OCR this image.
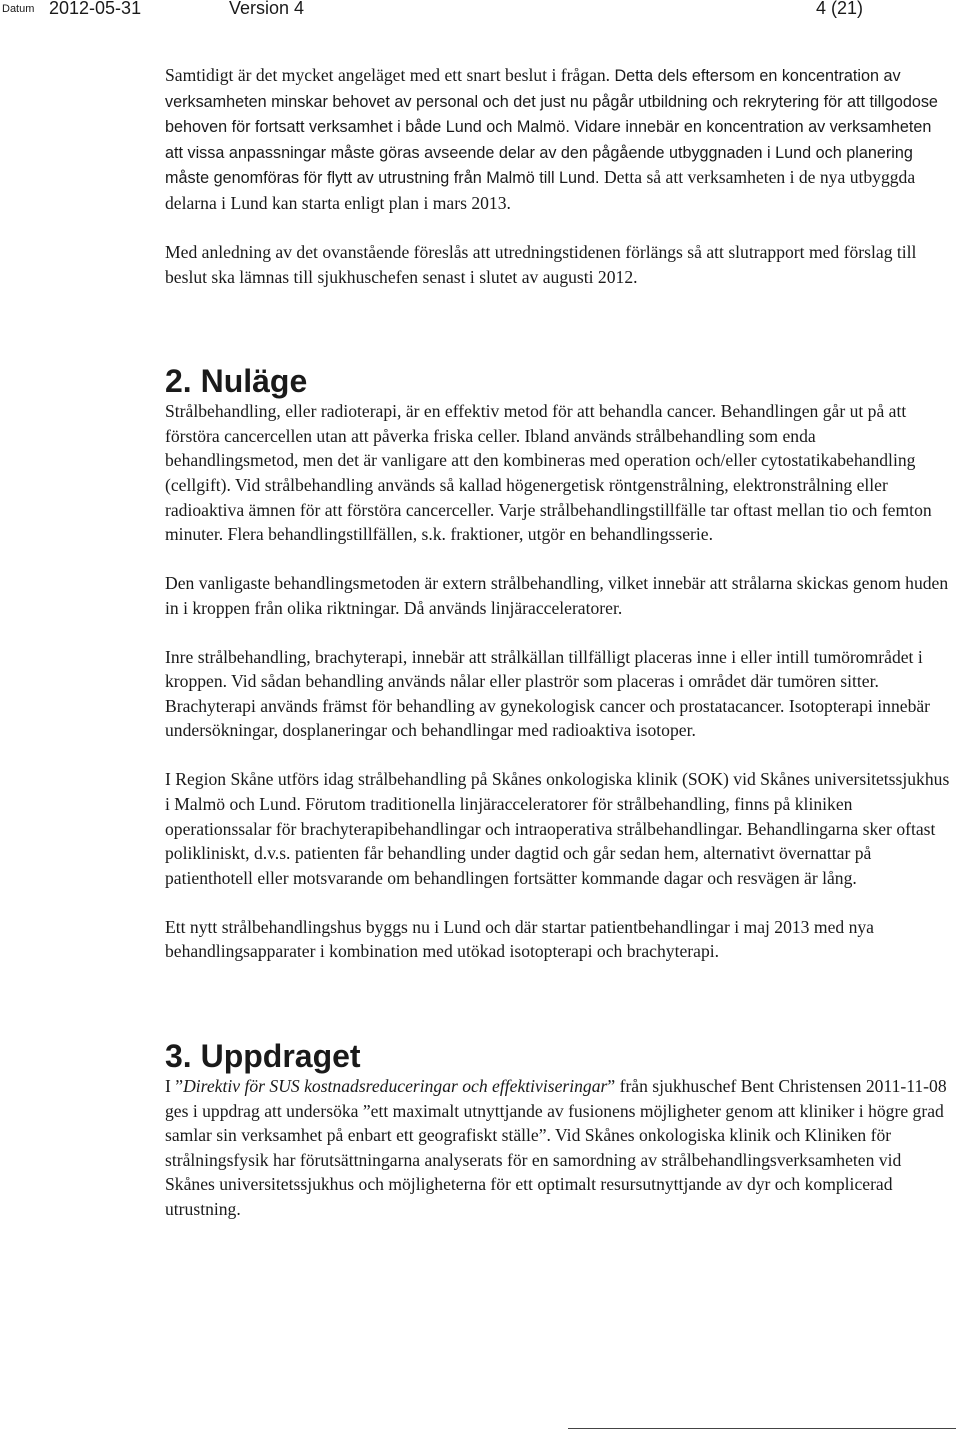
Datum 2012-05-31	Version 4	4 (21)

Samtidigt är det mycket angeläget med ett snart beslut i frågan. Detta dels eftersom en koncentration av verksamheten minskar behovet av personal och det just nu pågår utbildning och rekrytering för att tillgodose behoven för fortsatt verksamhet i både Lund och Malmö. Vidare innebär en koncentration av verksamheten att vissa anpassningar måste göras avseende delar av den pågående utbyggnaden i Lund och planering måste genomföras för flytt av utrustning från Malmö till Lund. Detta så att verksamheten i de nya utbyggda delarna i Lund kan starta enligt plan i mars 2013.

Med anledning av det ovanstående föreslås att utredningstidenen förlängs så att slutrapport med förslag till beslut ska lämnas till sjukhuschefen senast i slutet av augusti 2012.

2. Nuläge

Strålbehandling, eller radioterapi, är en effektiv metod för att behandla cancer. Behandlingen går ut på att förstöra cancercellen utan att påverka friska celler. Ibland används strålbehandling som enda behandlingsmetod, men det är vanligare att den kombineras med operation och/eller cytostatikabehandling (cellgift). Vid strålbehandling används så kallad högenergetisk röntgenstrålning, elektronstrålning eller radioaktiva ämnen för att förstöra cancerceller. Varje strålbehandlingstillfälle tar oftast mellan tio och femton minuter. Flera behandlingstillfällen, s.k. fraktioner, utgör en behandlingsserie.

Den vanligaste behandlingsmetoden är extern strålbehandling, vilket innebär att strålarna skickas genom huden in i kroppen från olika riktningar. Då används linjäracceleratorer.

Inre strålbehandling, brachyterapi, innebär att strålkällan tillfälligt placeras inne i eller intill tumörområdet i kroppen. Vid sådan behandling används nålar eller plaströr som placeras i området där tumören sitter. Brachyterapi används främst för behandling av gynekologisk cancer och prostatacancer. Isotopterapi innebär undersökningar, dosplaneringar och behandlingar med radioaktiva isotoper.

I Region Skåne utförs idag strålbehandling på Skånes onkologiska klinik (SOK) vid Skånes universitetssjukhus i Malmö och Lund. Förutom traditionella linjäracceleratorer för strålbehandling, finns på kliniken operationssalar för brachyterapibehandlingar och intraoperativa strålbehandlingar. Behandlingarna sker oftast polikliniskt, d.v.s. patienten får behandling under dagtid och går sedan hem, alternativt övernattar på patienthotell eller motsvarande om behandlingen fortsätter kommande dagar och resvägen är lång.

Ett nytt strålbehandlingshus byggs nu i Lund och där startar patientbehandlingar i maj 2013 med nya behandlingsapparater i kombination med utökad isotopterapi och brachyterapi.

3. Uppdraget

I ”Direktiv för SUS kostnadsreduceringar och effektiviseringar” från sjukhuschef Bent Christensen 2011-11-08 ges i uppdrag att undersöka ”ett maximalt utnyttjande av fusionens möjligheter genom att kliniker i högre grad samlar sin verksamhet på enbart ett geografiskt ställe”. Vid Skånes onkologiska klinik och Kliniken för strålningsfysik har förutsättningarna analyserats för en samordning av strålbehandlingsverksamheten vid Skånes universitetssjukhus och möjligheterna för ett optimalt resursutnyttjande av dyr och komplicerad utrustning.
